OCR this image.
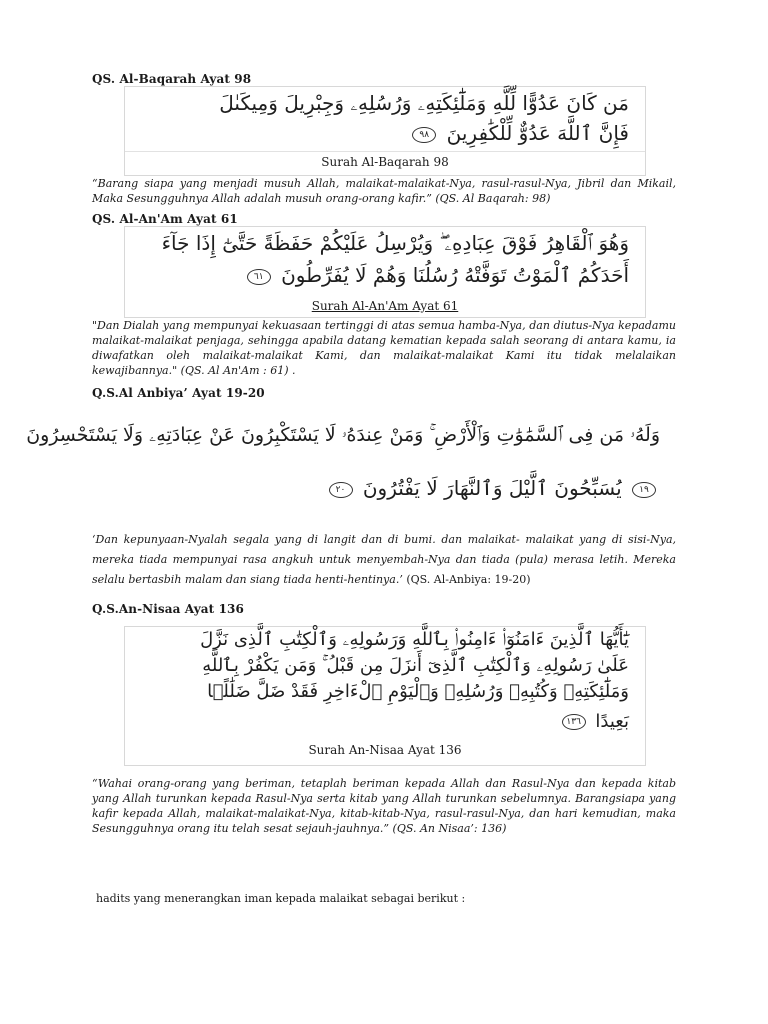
QS. Al-Baqarah Ayat 98
مَن كَانَ عَدُوًّا لِّلَّهِ وَمَلَٰٓئِكَتِهِۦ وَرُسُلِهِۦ وَجِبْرِيلَ وَمِيكَىٰلَ
فَإِنَّ ٱللَّهَ عَدُوٌّ لِّلْكَٰفِرِينَ ٩٨
Surah Al-Baqarah 98
“Barang siapa yang menjadi musuh Allah, malaikat-malaikat-Nya, rasul-rasul-Nya, Jibril dan Mikail, Maka Sesungguhnya Allah adalah musuh orang-orang kafir.” (QS. Al Baqarah: 98)
QS. Al-An'Am Ayat 61
وَهُوَ ٱلْقَاهِرُ فَوْقَ عِبَادِهِۦ ۖ وَيُرْسِلُ عَلَيْكُمْ حَفَظَةً حَتَّىٰٓ إِذَا جَآءَ
أَحَدَكُمُ ٱلْمَوْتُ تَوَفَّتْهُ رُسُلُنَا وَهُمْ لَا يُفَرِّطُونَ ٦١
Surah Al-An'Am Ayat 61
"Dan Dialah yang mempunyai kekuasaan tertinggi di atas semua hamba-Nya, dan diutus-Nya kepadamu malaikat-malaikat penjaga, sehingga apabila datang kematian kepada salah seorang di antara kamu, ia diwafatkan oleh malaikat-malaikat Kami, dan malaikat-malaikat Kami itu tidak melalaikan kewajibannya." (QS. Al An'Am : 61) .
Q.S.Al Anbiya’ Ayat 19-20
وَلَهُۥ مَن فِى ٱلسَّمَٰوَٰتِ وَٱلْأَرْضِ ۚ وَمَنْ عِندَهُۥ لَا يَسْتَكْبِرُونَ عَنْ عِبَادَتِهِۦ وَلَا يَسْتَحْسِرُونَ
١٩ يُسَبِّحُونَ ٱلَّيْلَ وَٱلنَّهَارَ لَا يَفْتُرُونَ ٢٠
‘Dan kepunyaan-Nyalah segala yang di langit dan di bumi. dan malaikat- malaikat yang di sisi-Nya, mereka tiada mempunyai rasa angkuh untuk menyembah-Nya dan tiada (pula) merasa letih. Mereka selalu bertasbih malam dan siang tiada henti-hentinya.’ (QS. Al-Anbiya: 19-20)
Q.S.An-Nisaa Ayat 136
يَٰٓأَيُّهَا ٱلَّذِينَ ءَامَنُوٓا۟ ءَامِنُوا۟ بِٱللَّهِ وَرَسُولِهِۦ وَٱلْكِتَٰبِ ٱلَّذِى نَزَّلَ
عَلَىٰ رَسُولِهِۦ وَٱلْكِتَٰبِ ٱلَّذِىٓ أَنزَلَ مِن قَبْلُ ۚ وَمَن يَكْفُرْ بِٱللَّهِ
وَمَلَٰٓئِكَتِهِۦ وَكُتُبِهِۦ وَرُسُلِهِۦ وَٱلْيَوْمِ ٱلْءَاخِرِ فَقَدْ ضَلَّ ضَلَٰلًۢا
بَعِيدًا ١٣٦
Surah An-Nisaa Ayat 136
“Wahai orang-orang yang beriman, tetaplah beriman kepada Allah dan Rasul-Nya dan kepada kitab yang Allah turunkan kepada Rasul-Nya serta kitab yang Allah turunkan sebelumnya. Barangsiapa yang kafir kepada Allah, malaikat-malaikat-Nya, kitab-kitab-Nya, rasul-rasul-Nya, dan hari kemudian, maka Sesungguhnya orang itu telah sesat sejauh-jauhnya.” (QS. An Nisaa’: 136)
hadits yang menerangkan iman kepada malaikat sebagai berikut :
